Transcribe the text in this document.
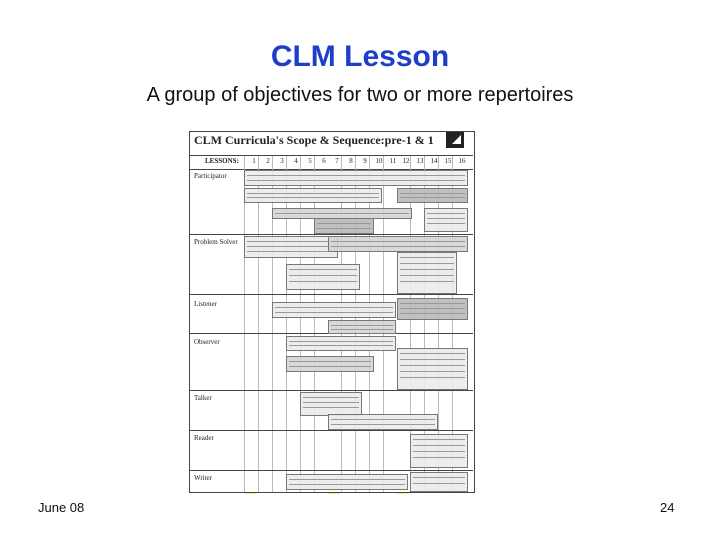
CLM Lesson
A group of objectives for two or more repertoires
CLM Curricula's Scope & Sequence:pre-1 & 1
LESSONS:	1	2	3	4	5	6	7	8	9	10	11 12	13	14	15	16
Participator
Problem Solver
Listener
Observer
Talker
Reader
Writer
June 08	24
